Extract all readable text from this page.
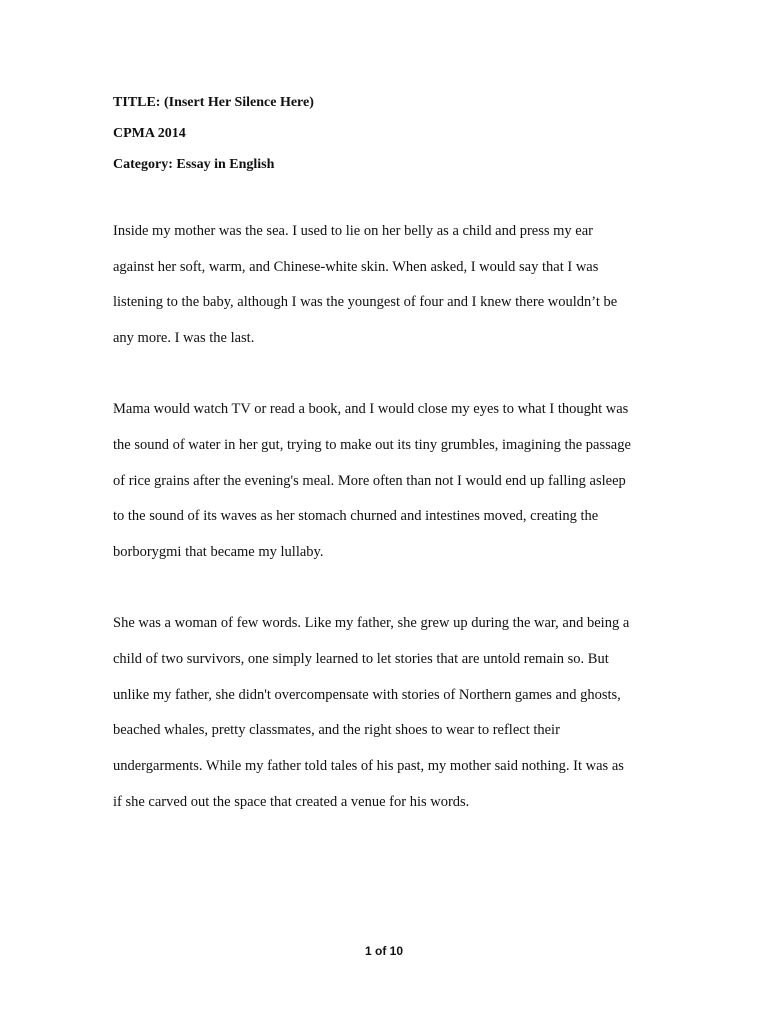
TITLE: (Insert Her Silence Here)
CPMA 2014
Category: Essay in English
Inside my mother was the sea. I used to lie on her belly as a child and press my ear
against her soft, warm, and Chinese-white skin. When asked, I would say that I was
listening to the baby, although I was the youngest of four and I knew there wouldn’t be
any more. I was the last.
Mama would watch TV or read a book, and I would close my eyes to what I thought was
the sound of water in her gut, trying to make out its tiny grumbles, imagining the passage
of rice grains after the evening's meal. More often than not I would end up falling asleep
to the sound of its waves as her stomach churned and intestines moved, creating the
borborygmi that became my lullaby.
She was a woman of few words. Like my father, she grew up during the war, and being a
child of two survivors, one simply learned to let stories that are untold remain so. But
unlike my father, she didn't overcompensate with stories of Northern games and ghosts,
beached whales, pretty classmates, and the right shoes to wear to reflect their
undergarments. While my father told tales of his past, my mother said nothing. It was as
if she carved out the space that created a venue for his words.
1 of 10
